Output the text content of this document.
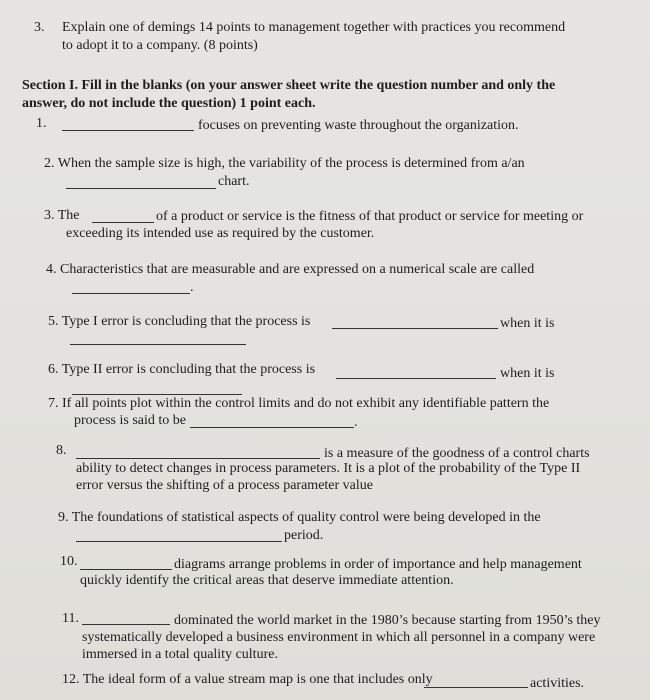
3. Explain one of demings 14 points to management together with practices you recommend
to adopt it to a company. (8 points)
Section I. Fill in the blanks (on your answer sheet write the question number and only the
answer, do not include the question) 1 point each.
1.	focuses on preventing waste throughout the organization.
2. When the sample size is high, the variability of the process is determined from a/an
chart.
3. The	of a product or service is the fitness of that product or service for meeting or
exceeding its intended use as required by the customer.
4. Characteristics that are measurable and are expressed on a numerical scale are called
.
5. Type I error is concluding that the process is	when it is
6. Type II error is concluding that the process is	when it is
7. If all points plot within the control limits and do not exhibit any identifiable pattern the
process is said to be	.
8.	is a measure of the goodness of a control charts
ability to detect changes in process parameters. It is a plot of the probability of the Type II
error versus the shifting of a process parameter value
9. The foundations of statistical aspects of quality control were being developed in the
period.
10.	diagrams arrange problems in order of importance and help management
quickly identify the critical areas that deserve immediate attention.
11.	dominated the world market in the 1980’s because starting from 1950’s they
systematically developed a business environment in which all personnel in a company were
immersed in a total quality culture.
12. The ideal form of a value stream map is one that includes only	activities.
